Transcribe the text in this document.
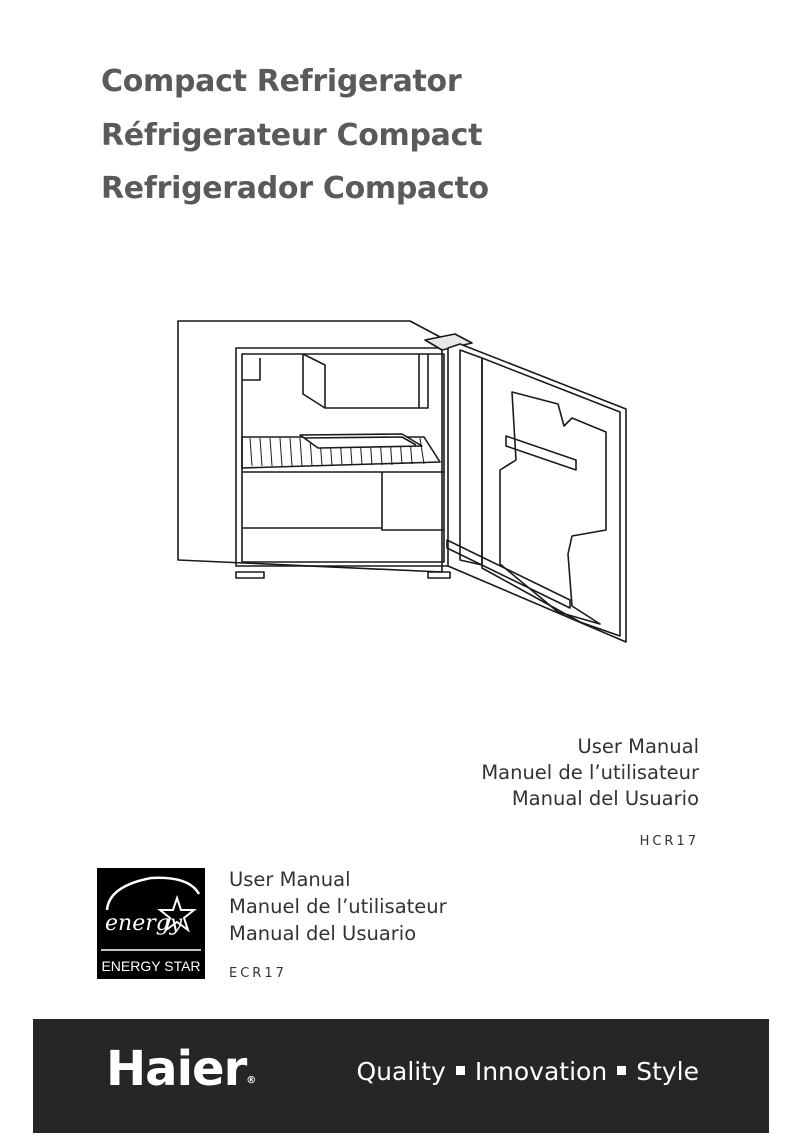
Compact Refrigerator
Réfrigerateur Compact
Refrigerador Compacto
User Manual
Manuel de l’utilisateur
Manual del Usuario
HCR17
energy
ENERGY STAR
User Manual
Manuel de l’utilisateur
Manual del Usuario
ECR17
Haier®	Quality Innovation Style
